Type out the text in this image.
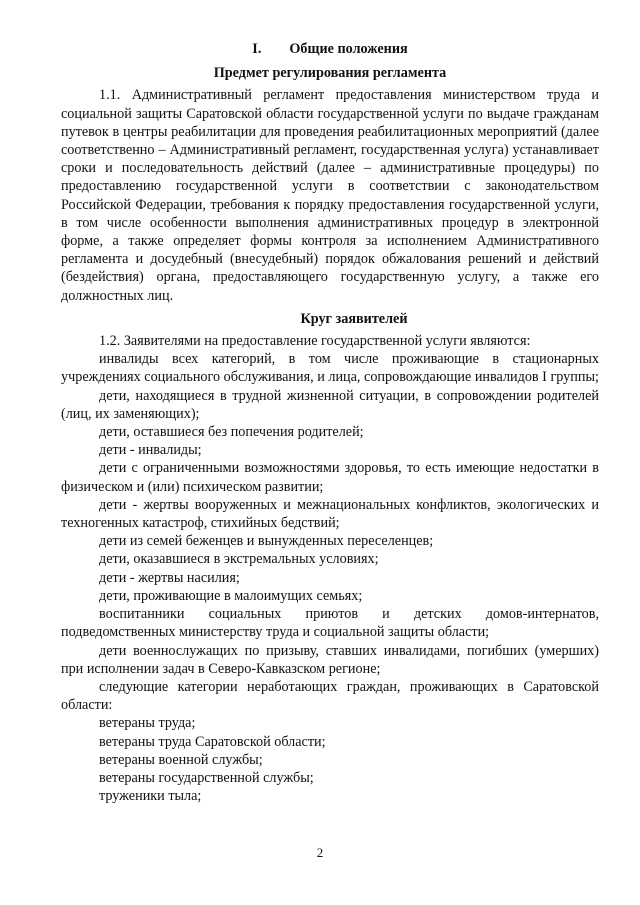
I. Общие положения
Предмет регулирования регламента

1.1. Административный регламент предоставления министерством труда и социальной защиты Саратовской области государственной услуги по выдаче гражданам путевок в центры реабилитации для проведения реабилитационных мероприятий (далее соответственно – Административный регламент, государственная услуга) устанавливает сроки и последовательность действий (далее – административные процедуры) по предоставлению государственной услуги в соответствии с законодательством Российской Федерации, требования к порядку предоставления государственной услуги, в том числе особенности выполнения административных процедур в электронной форме, а также определяет формы контроля за исполнением Административного регламента и досудебный (внесудебный) порядок обжалования решений и действий (бездействия) органа, предоставляющего государственную услугу, а также его должностных лиц.

Круг заявителей

1.2. Заявителями на предоставление государственной услуги являются:

инвалиды всех категорий, в том числе проживающие в стационарных учреждениях социального обслуживания, и лица, сопровождающие инвалидов I группы;

дети, находящиеся в трудной жизненной ситуации, в сопровождении родителей (лиц, их заменяющих);

дети, оставшиеся без попечения родителей;

дети - инвалиды;

дети с ограниченными возможностями здоровья, то есть имеющие недостатки в физическом и (или) психическом развитии;

дети - жертвы вооруженных и межнациональных конфликтов, экологических и техногенных катастроф, стихийных бедствий;

дети из семей беженцев и вынужденных переселенцев;

дети, оказавшиеся в экстремальных условиях;

дети - жертвы насилия;

дети, проживающие в малоимущих семьях;

воспитанники социальных приютов и детских домов-интернатов, подведомственных министерству труда и социальной защиты области;

дети военнослужащих по призыву, ставших инвалидами, погибших (умерших) при исполнении задач в Северо-Кавказском регионе;

следующие категории неработающих граждан, проживающих в Саратовской области:

ветераны труда;

ветераны труда Саратовской области;

ветераны военной службы;

ветераны государственной службы;

труженики тыла;

2
